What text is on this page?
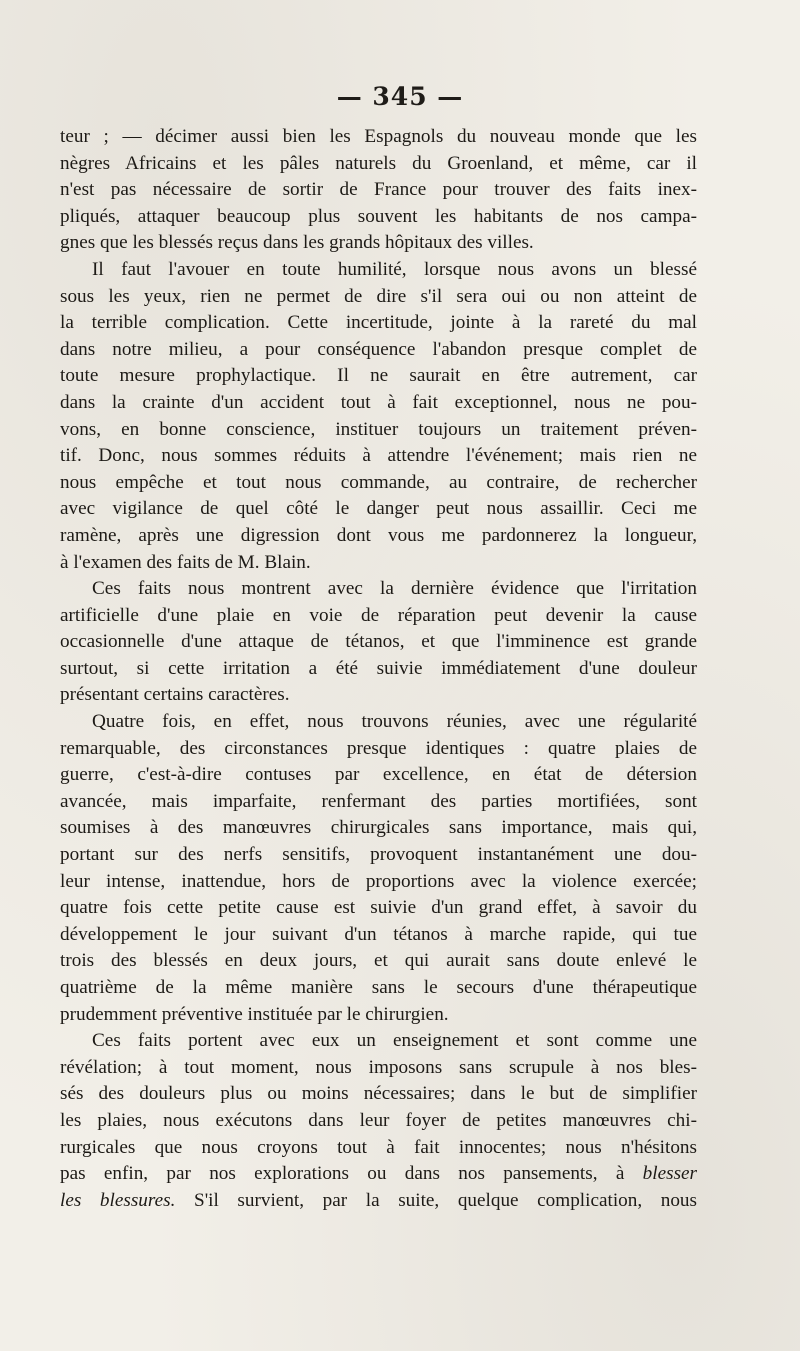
— 345 —
teur ; — décimer aussi bien les Espagnols du nouveau monde que les
nègres Africains et les pâles naturels du Groenland, et même, car il
n'est pas nécessaire de sortir de France pour trouver des faits inex-
pliqués, attaquer beaucoup plus souvent les habitants de nos campa-
gnes que les blessés reçus dans les grands hôpitaux des villes.
Il faut l'avouer en toute humilité, lorsque nous avons un blessé
sous les yeux, rien ne permet de dire s'il sera oui ou non atteint de
la terrible complication. Cette incertitude, jointe à la rareté du mal
dans notre milieu, a pour conséquence l'abandon presque complet de
toute mesure prophylactique. Il ne saurait en être autrement, car
dans la crainte d'un accident tout à fait exceptionnel, nous ne pou-
vons, en bonne conscience, instituer toujours un traitement préven-
tif. Donc, nous sommes réduits à attendre l'événement; mais rien ne
nous empêche et tout nous commande, au contraire, de rechercher
avec vigilance de quel côté le danger peut nous assaillir. Ceci me
ramène, après une digression dont vous me pardonnerez la longueur,
à l'examen des faits de M. Blain.
Ces faits nous montrent avec la dernière évidence que l'irritation
artificielle d'une plaie en voie de réparation peut devenir la cause
occasionnelle d'une attaque de tétanos, et que l'imminence est grande
surtout, si cette irritation a été suivie immédiatement d'une douleur
présentant certains caractères.
Quatre fois, en effet, nous trouvons réunies, avec une régularité
remarquable, des circonstances presque identiques : quatre plaies de
guerre, c'est-à-dire contuses par excellence, en état de détersion
avancée, mais imparfaite, renfermant des parties mortifiées, sont
soumises à des manœuvres chirurgicales sans importance, mais qui,
portant sur des nerfs sensitifs, provoquent instantanément une dou-
leur intense, inattendue, hors de proportions avec la violence exercée;
quatre fois cette petite cause est suivie d'un grand effet, à savoir du
développement le jour suivant d'un tétanos à marche rapide, qui tue
trois des blessés en deux jours, et qui aurait sans doute enlevé le
quatrième de la même manière sans le secours d'une thérapeutique
prudemment préventive instituée par le chirurgien.
Ces faits portent avec eux un enseignement et sont comme une
révélation; à tout moment, nous imposons sans scrupule à nos bles-
sés des douleurs plus ou moins nécessaires; dans le but de simplifier
les plaies, nous exécutons dans leur foyer de petites manœuvres chi-
rurgicales que nous croyons tout à fait innocentes; nous n'hésitons
pas enfin, par nos explorations ou dans nos pansements, à blesser
les blessures. S'il survient, par la suite, quelque complication, nous
